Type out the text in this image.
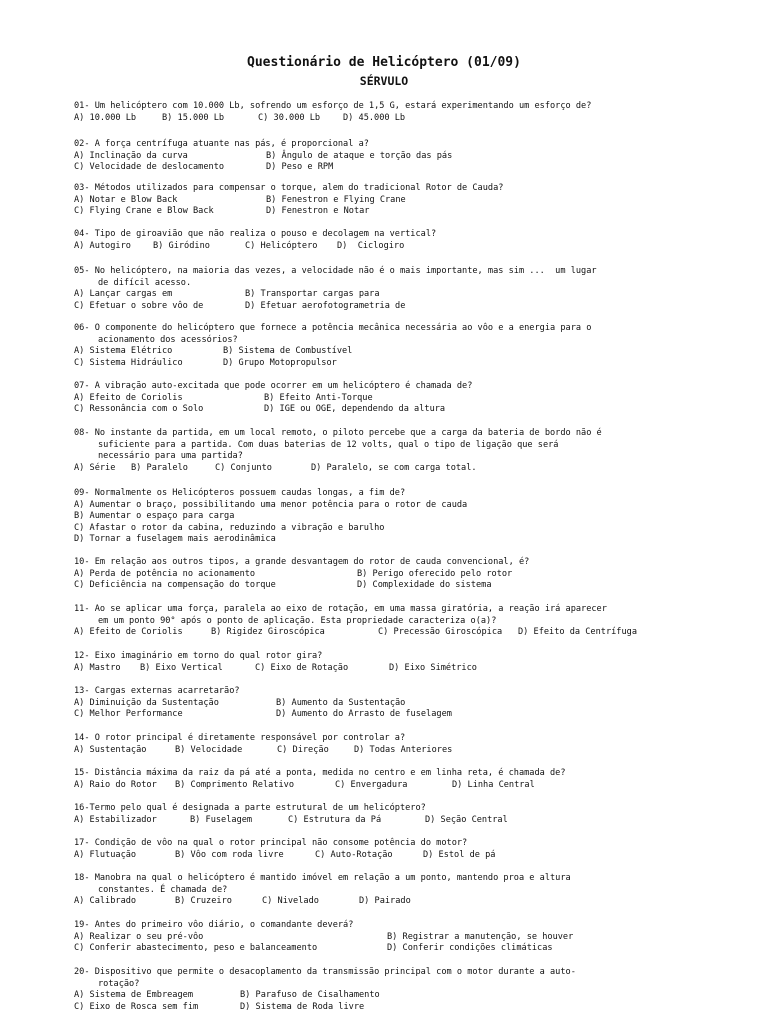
Questionário de Helicóptero (01/09)
SÉRVULO
01- Um helicóptero com 10.000 Lb, sofrendo um esforço de 1,5 G, estará experimentando um esforço de?
A) 10.000 Lb	B) 15.000 Lb	C) 30.000 Lb	D) 45.000 Lb
02- A força centrífuga atuante nas pás, é proporcional a?
A) Inclinação da curva	B) Ângulo de ataque e torção das pás
C) Velocidade de deslocamento	D) Peso e RPM
03- Métodos utilizados para compensar o torque, alem do tradicional Rotor de Cauda?
A) Notar e Blow Back	B) Fenestron e Flying Crane
C) Flying Crane e Blow Back	D) Fenestron e Notar
04- Tipo de giroavião que não realiza o pouso e decolagem na vertical?
A) Autogiro	B) Giródino	C) Helicóptero D)  Ciclogiro
05- No helicóptero, na maioria das vezes, a velocidade não é o mais importante, mas sim ...  um lugar
de difícil acesso.
A) Lançar cargas em	B) Transportar cargas para
C) Efetuar o sobre vôo de	D) Efetuar aerofotogrametria de
06- O componente do helicóptero que fornece a potência mecânica necessária ao vôo e a energia para o
acionamento dos acessórios?
A) Sistema Elétrico	B) Sistema de Combustível
C) Sistema Hidráulico	D) Grupo Motopropulsor
07- A vibração auto-excitada que pode ocorrer em um helicóptero é chamada de?
A) Efeito de Coriolis	B) Efeito Anti-Torque
C) Ressonância com o Solo	D) IGE ou OGE, dependendo da altura
08- No instante da partida, em um local remoto, o piloto percebe que a carga da bateria de bordo não é
suficiente para a partida. Com duas baterias de 12 volts, qual o tipo de ligação que será
necessário para uma partida?
A) Série B) Paralelo	C) Conjunto	D) Paralelo, se com carga total.
09- Normalmente os Helicópteros possuem caudas longas, a fim de?
A) Aumentar o braço, possibilitando uma menor potência para o rotor de cauda
B) Aumentar o espaço para carga
C) Afastar o rotor da cabina, reduzindo a vibração e barulho
D) Tornar a fuselagem mais aerodinâmica
10- Em relação aos outros tipos, a grande desvantagem do rotor de cauda convencional, é?
A) Perda de potência no acionamento	B) Perigo oferecido pelo rotor
C) Deficiência na compensação do torque	D) Complexidade do sistema
11- Ao se aplicar uma força, paralela ao eixo de rotação, em uma massa giratória, a reação irá aparecer
em um ponto 90° após o ponto de aplicação. Esta propriedade caracteriza o(a)?
A) Efeito de Coriolis	B) Rigidez Giroscópica	C) Precessão Giroscópica D) Efeito da Centrífuga
12- Eixo imaginário em torno do qual rotor gira?
A) Mastro B) Eixo Vertical	C) Eixo de Rotação	D) Eixo Simétrico
13- Cargas externas acarretarão?
A) Diminuição da Sustentação	B) Aumento da Sustentação
C) Melhor Performance	D) Aumento do Arrasto de fuselagem
14- O rotor principal é diretamente responsável por controlar a?
A) Sustentação	B) Velocidade	C) Direção	D) Todas Anteriores
15- Distância máxima da raiz da pá até a ponta, medida no centro e em linha reta, é chamada de?
A) Raio do Rotor B) Comprimento Relativo	C) Envergadura	D) Linha Central
16-Termo pelo qual é designada a parte estrutural de um helicóptero?
A) Estabilizador	B) Fuselagem	C) Estrutura da Pá	D) Seção Central
17- Condição de vôo na qual o rotor principal não consome potência do motor?
A) Flutuação	B) Vôo com roda livre	C) Auto-Rotação	D) Estol de pá
18- Manobra na qual o helicóptero é mantido imóvel em relação a um ponto, mantendo proa e altura
constantes. É chamada de?
A) Calibrado	B) Cruzeiro	C) Nivelado	D) Pairado
19- Antes do primeiro vôo diário, o comandante deverá?
A) Realizar o seu pré-vôo	B) Registrar a manutenção, se houver
C) Conferir abastecimento, peso e balanceamento	D) Conferir condições climáticas
20- Dispositivo que permite o desacoplamento da transmissão principal com o motor durante a auto-
rotação?
A) Sistema de Embreagem	B) Parafuso de Cisalhamento
C) Eixo de Rosca sem fim	D) Sistema de Roda livre
